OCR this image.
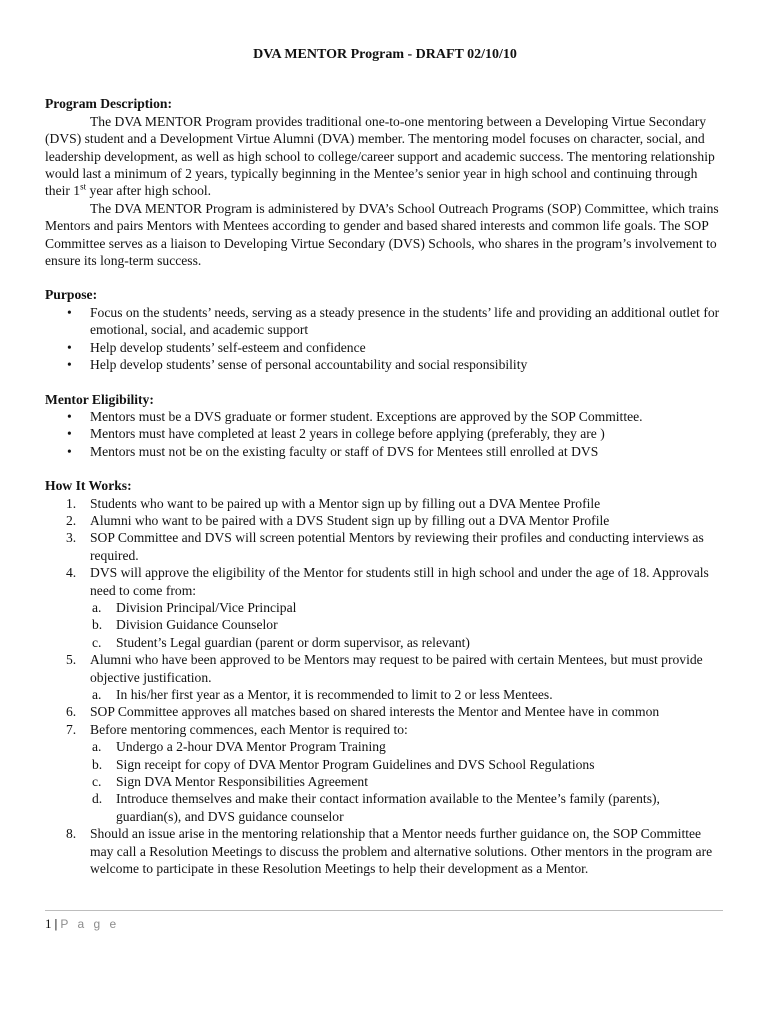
DVA MENTOR Program - DRAFT 02/10/10

Program Description:

The DVA MENTOR Program provides traditional one-to-one mentoring between a Developing Virtue Secondary (DVS) student and a Development Virtue Alumni (DVA) member. The mentoring model focuses on character, social, and leadership development, as well as high school to college/career support and academic success. The mentoring relationship would last a minimum of 2 years, typically beginning in the Mentee’s senior year in high school and continuing through their 1st year after high school.

The DVA MENTOR Program is administered by DVA’s School Outreach Programs (SOP) Committee, which trains Mentors and pairs Mentors with Mentees according to gender and based shared interests and common life goals. The SOP Committee serves as a liaison to Developing Virtue Secondary (DVS) Schools, who shares in the program’s involvement to ensure its long-term success.

Purpose:

• Focus on the students’ needs, serving as a steady presence in the students’ life and providing an additional outlet for emotional, social, and academic support
• Help develop students’ self-esteem and confidence
• Help develop students’ sense of personal accountability and social responsibility

Mentor Eligibility:

• Mentors must be a DVS graduate or former student. Exceptions are approved by the SOP Committee.
• Mentors must have completed at least 2 years in college before applying (preferably, they are )
• Mentors must not be on the existing faculty or staff of DVS for Mentees still enrolled at DVS

How It Works:

1. Students who want to be paired up with a Mentor sign up by filling out a DVA Mentee Profile
2. Alumni who want to be paired with a DVS Student sign up by filling out a DVA Mentor Profile
3. SOP Committee and DVS will screen potential Mentors by reviewing their profiles and conducting interviews as required.
4. DVS will approve the eligibility of the Mentor for students still in high school and under the age of 18. Approvals need to come from:
a. Division Principal/Vice Principal
b. Division Guidance Counselor
c. Student’s Legal guardian (parent or dorm supervisor, as relevant)
5. Alumni who have been approved to be Mentors may request to be paired with certain Mentees, but must provide objective justification.
a. In his/her first year as a Mentor, it is recommended to limit to 2 or less Mentees.
6. SOP Committee approves all matches based on shared interests the Mentor and Mentee have in common
7. Before mentoring commences, each Mentor is required to:
a. Undergo a 2-hour DVA Mentor Program Training
b. Sign receipt for copy of DVA Mentor Program Guidelines and DVS School Regulations
c. Sign DVA Mentor Responsibilities Agreement
d. Introduce themselves and make their contact information available to the Mentee’s family (parents), guardian(s), and DVS guidance counselor
8. Should an issue arise in the mentoring relationship that a Mentor needs further guidance on, the SOP Committee may call a Resolution Meetings to discuss the problem and alternative solutions. Other mentors in the program are welcome to participate in these Resolution Meetings to help their development as a Mentor.
1 | P a g e
